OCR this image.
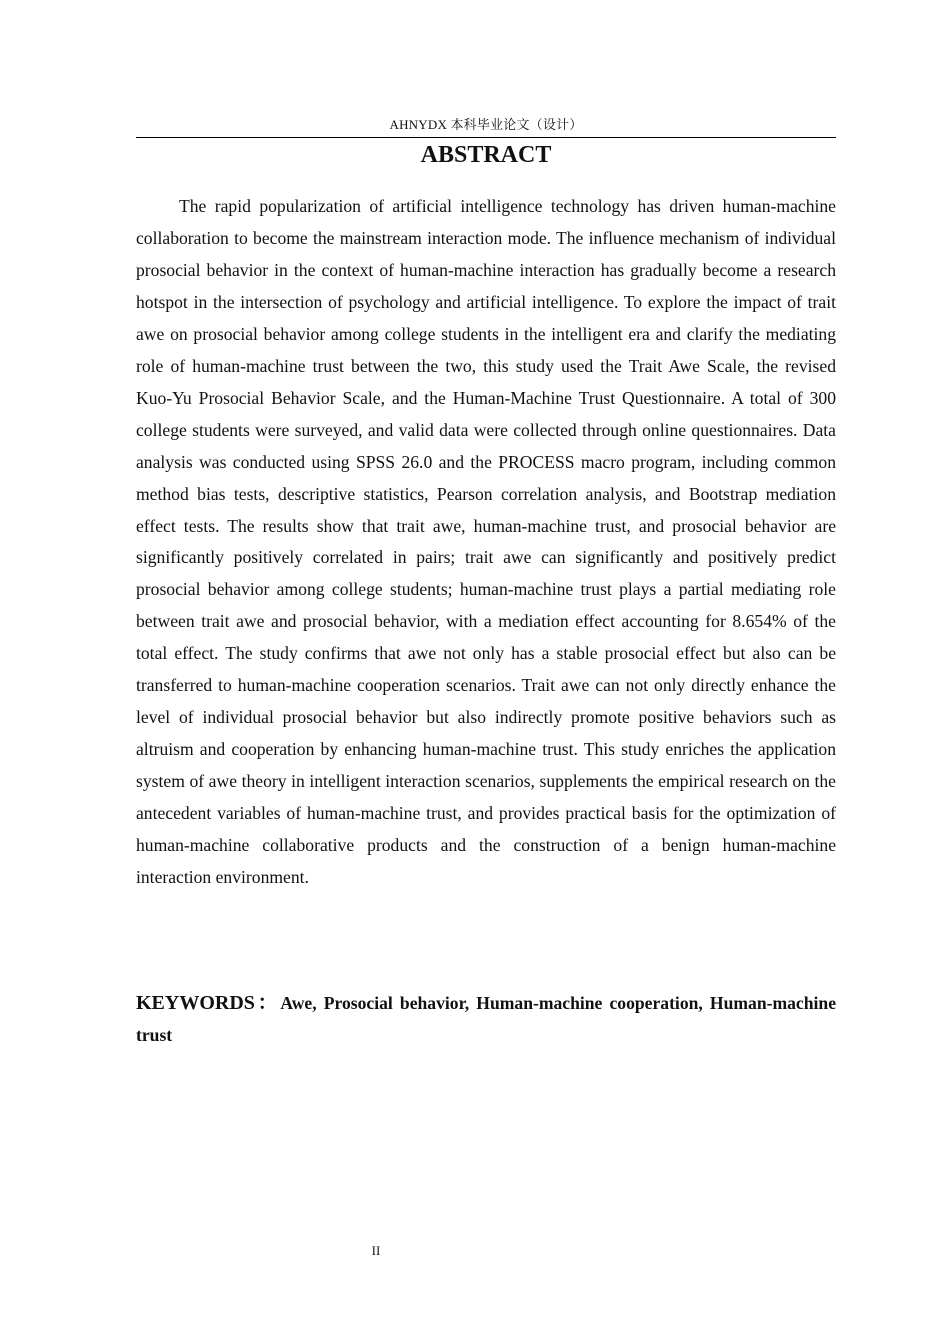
AHNYDX 本科毕业论文（设计）
ABSTRACT

The rapid popularization of artificial intelligence technology has driven human-machine collaboration to become the mainstream interaction mode. The influence mechanism of individual prosocial behavior in the context of human-machine interaction has gradually become a research hotspot in the intersection of psychology and artificial intelligence. To explore the impact of trait awe on prosocial behavior among college students in the intelligent era and clarify the mediating role of human-machine trust between the two, this study used the Trait Awe Scale, the revised Kuo-Yu Prosocial Behavior Scale, and the Human-Machine Trust Questionnaire. A total of 300 college students were surveyed, and valid data were collected through online questionnaires. Data analysis was conducted using SPSS 26.0 and the PROCESS macro program, including common method bias tests, descriptive statistics, Pearson correlation analysis, and Bootstrap mediation effect tests. The results show that trait awe, human-machine trust, and prosocial behavior are significantly positively correlated in pairs; trait awe can significantly and positively predict prosocial behavior among college students; human-machine trust plays a partial mediating role between trait awe and prosocial behavior, with a mediation effect accounting for 8.654% of the total effect. The study confirms that awe not only has a stable prosocial effect but also can be transferred to human-machine cooperation scenarios. Trait awe can not only directly enhance the level of individual prosocial behavior but also indirectly promote positive behaviors such as altruism and cooperation by enhancing human-machine trust. This study enriches the application system of awe theory in intelligent interaction scenarios, supplements the empirical research on the antecedent variables of human-machine trust, and provides practical basis for the optimization of human-machine collaborative products and the construction of a benign human-machine interaction environment.

KEYWORDS：Awe, Prosocial behavior, Human-machine cooperation, Human-machine trust

II
